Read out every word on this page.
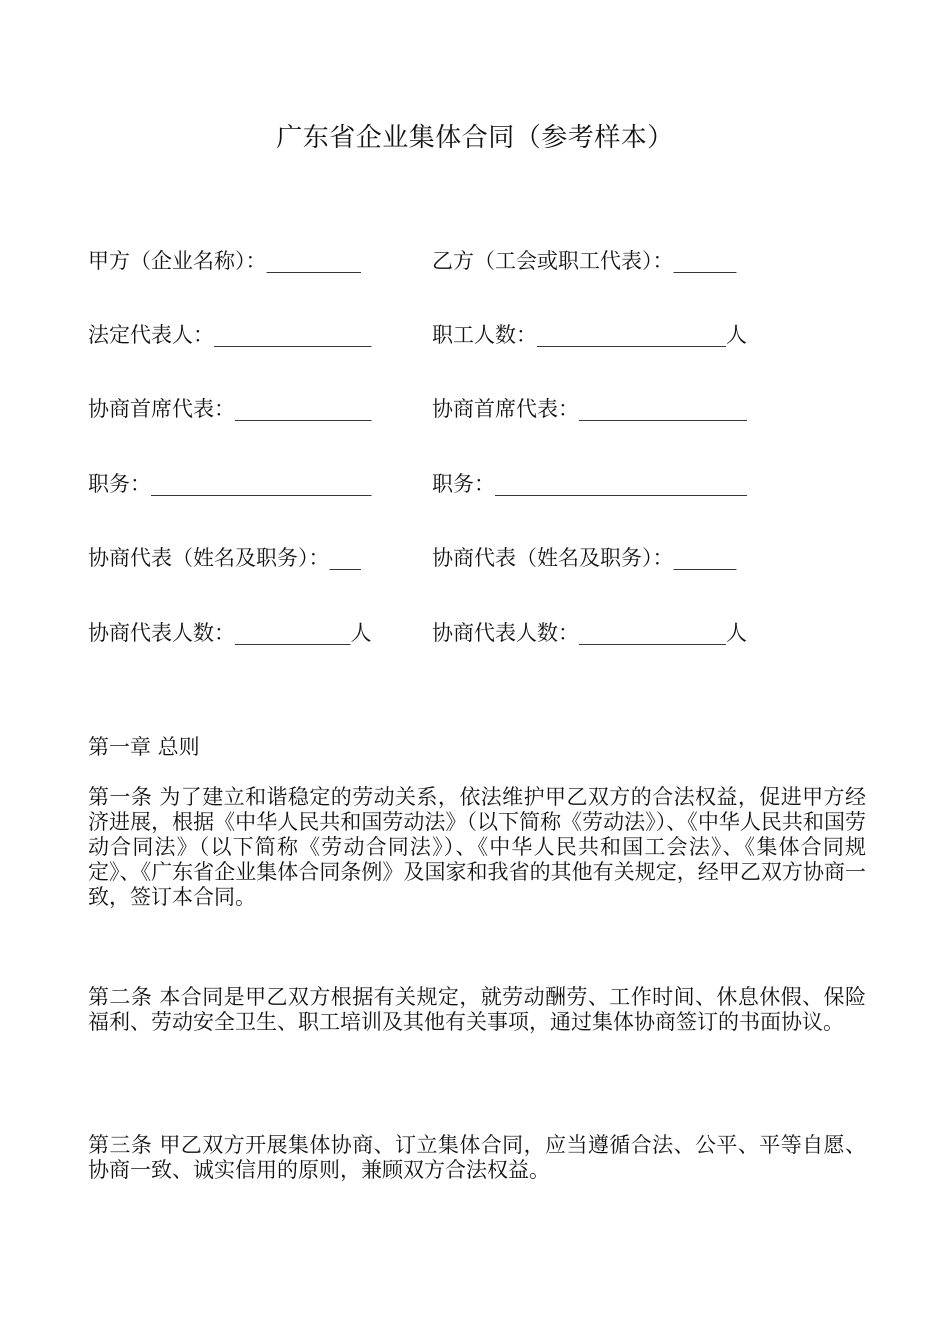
广东省企业集体合同（参考样本）
甲方（企业名称）：_________	乙方（工会或职工代表）：______
法定代表人：_______________	职工人数：__________________人
协商首席代表：_____________	协商首席代表：________________
职务：_____________________	职务：________________________
协商代表（姓名及职务）：___	协商代表（姓名及职务）：______
协商代表人数：___________人	协商代表人数：______________人
第一章 总则
第一条 为了建立和谐稳定的劳动关系，依法维护甲乙双方的合法权益，促进甲方经济进展，根据《中华人民共和国劳动法》（以下简称《劳动法》）、《中华人民共和国劳动合同法》（以下简称《劳动合同法》）、《中华人民共和国工会法》、《集体合同规定》、《广东省企业集体合同条例》及国家和我省的其他有关规定，经甲乙双方协商一致，签订本合同。
第二条 本合同是甲乙双方根据有关规定，就劳动酬劳、工作时间、休息休假、保险福利、劳动安全卫生、职工培训及其他有关事项，通过集体协商签订的书面协议。
第三条 甲乙双方开展集体协商、订立集体合同，应当遵循合法、公平、平等自愿、协商一致、诚实信用的原则，兼顾双方合法权益。
